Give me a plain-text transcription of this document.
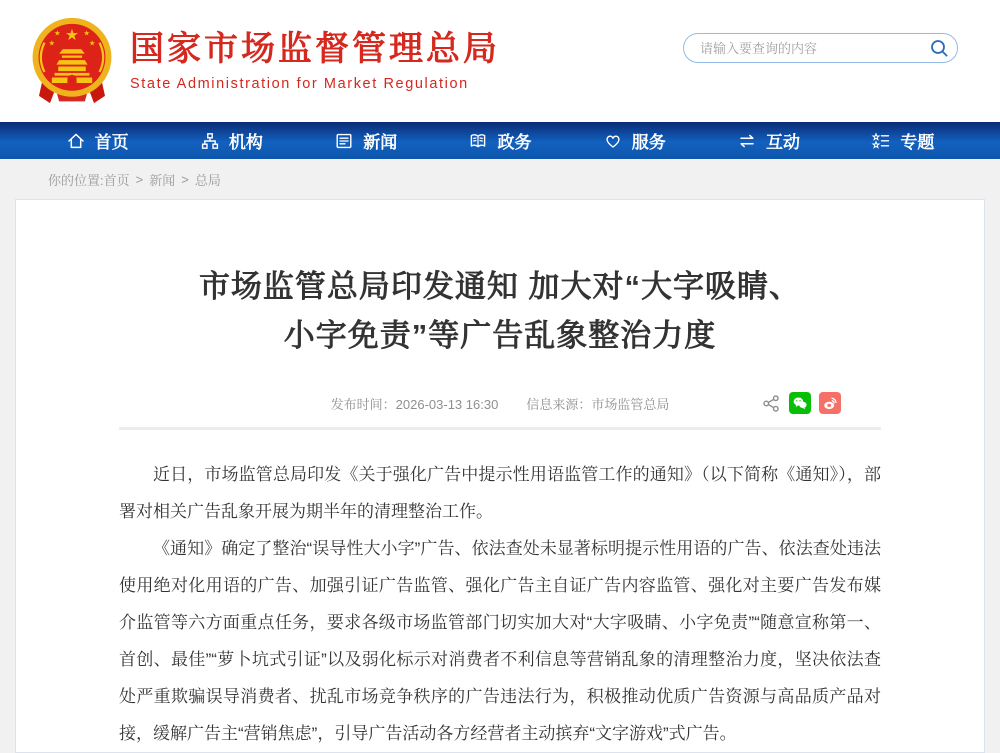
★
★	★
★	★ 国家市场监督管理总局
State Administration for Market Regulation
请输入要查询的内容
首页	机构	新闻	政务	服务	互动	专题
你的位置: 首页 > 新闻 > 总局
市场监管总局印发通知 加大对“大字吸睛、
小字免责”等广告乱象整治力度
发布时间：2026-03-13 16:30 信息来源：市场监管总局

近日，市场监管总局印发《关于强化广告中提示性用语监管工作的通知》（以下简称《通知》），部署对相关广告乱象开展为期半年的清理整治工作。

《通知》确定了整治“误导性大小字”广告、依法查处未显著标明提示性用语的广告、依法查处违法使用绝对化用语的广告、加强引证广告监管、强化广告主自证广告内容监管、强化对主要广告发布媒介监管等六方面重点任务，要求各级市场监管部门切实加大对“大字吸睛、小字免责”“随意宣称第一、首创、最佳”“萝卜坑式引证”以及弱化标示对消费者不利信息等营销乱象的清理整治力度，坚决依法查处严重欺骗误导消费者、扰乱市场竞争秩序的广告违法行为，积极推动优质广告资源与高品质产品对接，缓解广告主“营销焦虑”，引导广告活动各方经营者主动摈弃“文字游戏”式广告。
